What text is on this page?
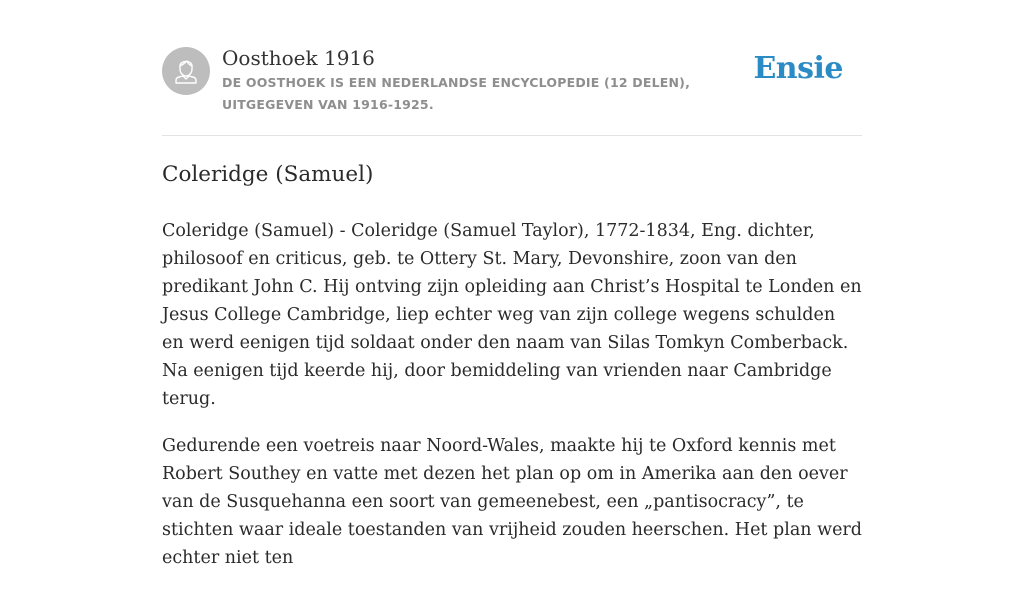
Oosthoek 1916
DE OOSTHOEK IS EEN NEDERLANDSE ENCYCLOPEDIE (12 DELEN), UITGEGEVEN VAN 1916-1925.
Ensie
Coleridge (Samuel)

Coleridge (Samuel) - Coleridge (Samuel Taylor), 1772-1834, Eng. dichter, philosoof en criticus, geb. te Ottery St. Mary, Devonshire, zoon van den predikant John C. Hij ontving zijn opleiding aan Christ’s Hospital te Londen en Jesus College Cambridge, liep echter weg van zijn college wegens schulden en werd eenigen tijd soldaat onder den naam van Silas Tomkyn Comberback. Na eenigen tijd keerde hij, door bemiddeling van vrienden naar Cambridge terug.

Gedurende een voetreis naar Noord-Wales, maakte hij te Oxford kennis met Robert Southey en vatte met dezen het plan op om in Amerika aan den oever van de Susquehanna een soort van gemeenebest, een „pantisocracy”, te stichten waar ideale toestanden van vrijheid zouden heerschen. Het plan werd echter niet ten
